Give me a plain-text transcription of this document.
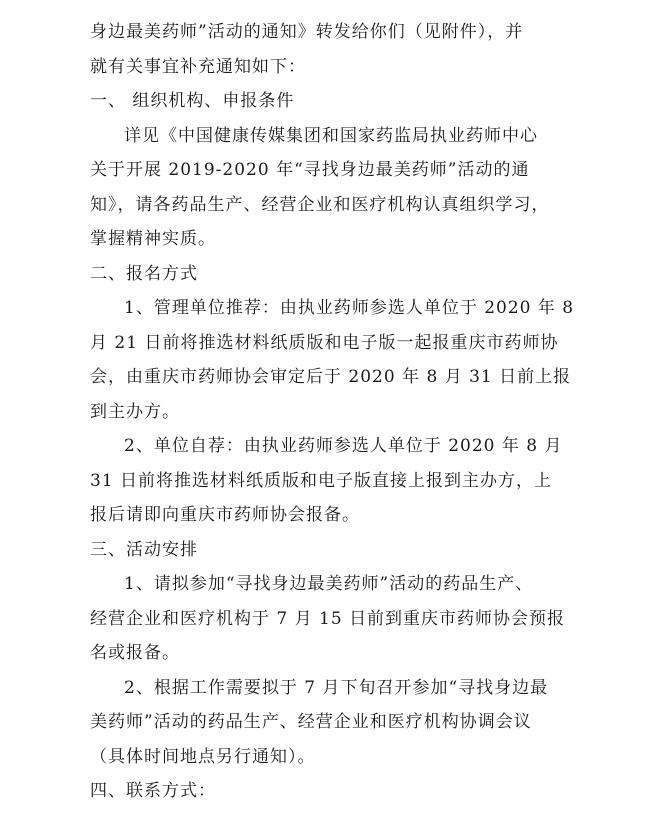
身边最美药师”活动的通知》转发给你们（见附件），并
就有关事宜补充通知如下：
一、 组织机构、申报条件
详见《中国健康传媒集团和国家药监局执业药师中心
关于开展 2019-2020 年“寻找身边最美药师”活动的通
知》，请各药品生产、经营企业和医疗机构认真组织学习，
掌握精神实质。
二、报名方式
1、管理单位推荐：由执业药师参选人单位于 2020 年 8
月 21 日前将推选材料纸质版和电子版一起报重庆市药师协
会，由重庆市药师协会审定后于 2020 年 8 月 31 日前上报
到主办方。
2、单位自荐：由执业药师参选人单位于 2020 年 8 月
31 日前将推选材料纸质版和电子版直接上报到主办方，上
报后请即向重庆市药师协会报备。
三、活动安排
1、请拟参加“寻找身边最美药师”活动的药品生产、
经营企业和医疗机构于 7 月 15 日前到重庆市药师协会预报
名或报备。
2、根据工作需要拟于 7 月下旬召开参加“寻找身边最
美药师”活动的药品生产、经营企业和医疗机构协调会议
（具体时间地点另行通知）。
四、联系方式：
